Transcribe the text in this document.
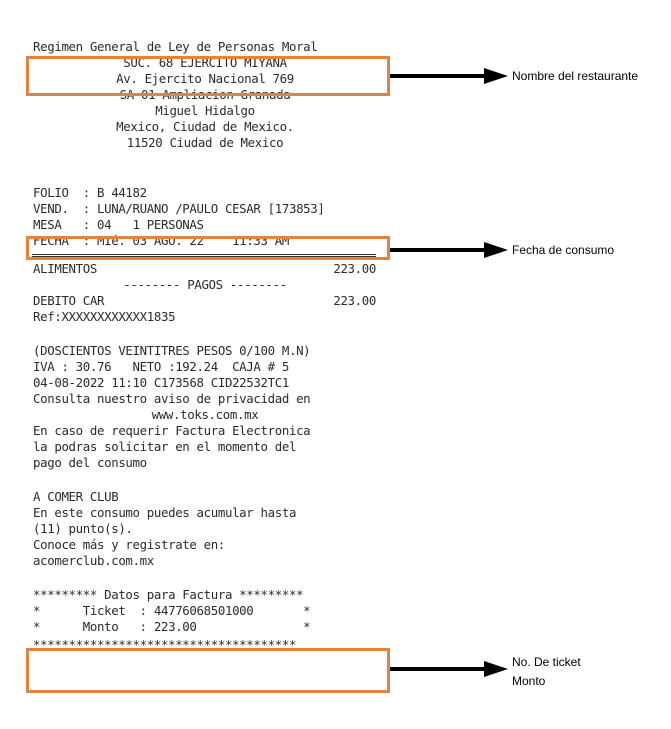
Regimen General de Ley de Personas Moral
SUC. 68 EJERCITO MIYANA
Av. Ejercito Nacional 769
SA-01 Ampliacion Granada
Miguel Hidalgo
Mexico, Ciudad de Mexico.
11520 Ciudad de Mexico
FOLIO  : B 44182
VEND.  : LUNA/RUANO /PAULO CESAR [173853]
MESA   : 04   1 PERSONAS
FECHA  : MIé. 03 AGO. 22    11:33 AM
ALIMENTOS	223.00
-------- PAGOS --------
DEBITO CAR	223.00
Ref:XXXXXXXXXXXX1835
(DOSCIENTOS VEINTITRES PESOS 0/100 M.N)
IVA : 30.76   NETO :192.24  CAJA # 5
04-08-2022 11:10 C173568 CID22532TC1
Consulta nuestro aviso de privacidad en
www.toks.com.mx
En caso de requerir Factura Electronica
la podras solicitar en el momento del
pago del consumo
A COMER CLUB
En este consumo puedes acumular hasta
(11) punto(s).
Conoce más y registrate en:
acomerclub.com.mx
********* Datos para Factura *********
*      Ticket  : 44776068501000       *
*      Monto   : 223.00               *
*************************************
Nombre del restaurante
Fecha de consumo
No. De ticket
Monto
